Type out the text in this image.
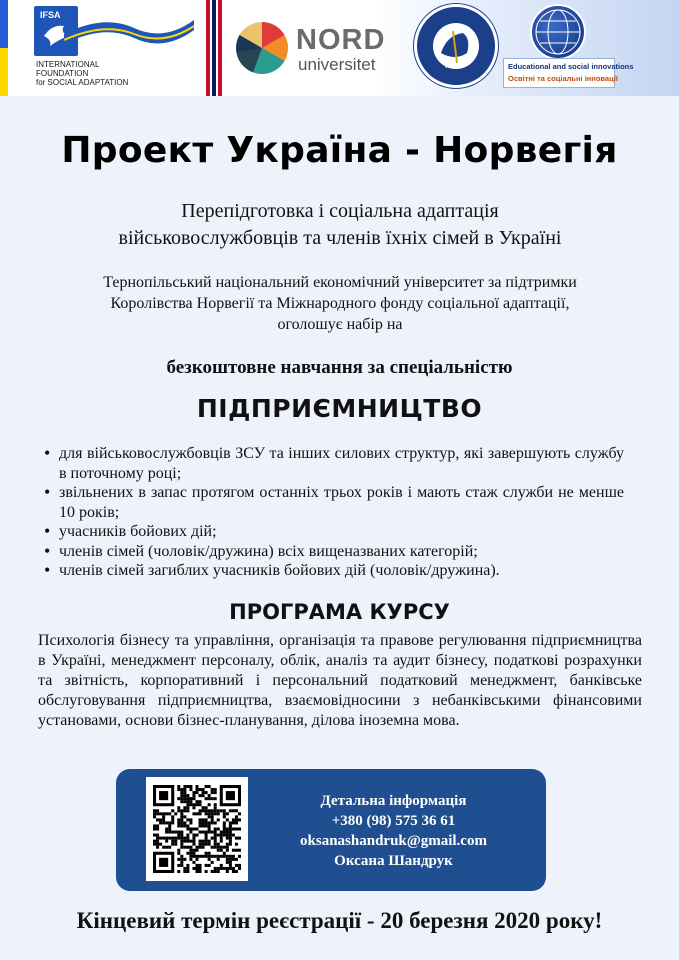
IFSA
INTERNATIONAL
FOUNDATION
for SOCIAL ADAPTATION
NORD
universitet	THEY	Educational and social innovations
Освітні та соціальні інновації
Проект Україна - Норвегія
Перепідготовка і соціальна адаптація
військовослужбовців та членів їхніх сімей в Україні
Тернопільський національний економічний університет за підтримки
Королівства Норвегії та Міжнародного фонду соціальної адаптації,
оголошує набір на
безкоштовне навчання за спеціальністю
ПІДПРИЄМНИЦТВО
• для військовослужбовців ЗСУ та інших силових структур, які завершують службу в поточному році;
• звільнених в запас протягом останніх трьох років і мають стаж служби не менше 10 років;
• учасників бойових дій;
• членів сімей (чоловік/дружина) всіх вищеназваних категорій;
• членів сімей загиблих учасників бойових дій (чоловік/дружина).
ПРОГРАМА КУРСУ
Психологія бізнесу та управління, організація та правове регулювання підприємництва в Україні, менеджмент персоналу, облік, аналіз та аудит бізнесу, податкові розрахунки та звітність, корпоративний і персональний податковий менеджмент, банківське обслуговування підприємництва, взаємовідносини з небанківськими фінансовими установами, основи бізнес-планування, ділова іноземна мова.
Детальна інформація
+380 (98) 575 36 61
oksanashandruk@gmail.com
Оксана Шандрук
Кінцевий термін реєстрації - 20 березня 2020 року!
